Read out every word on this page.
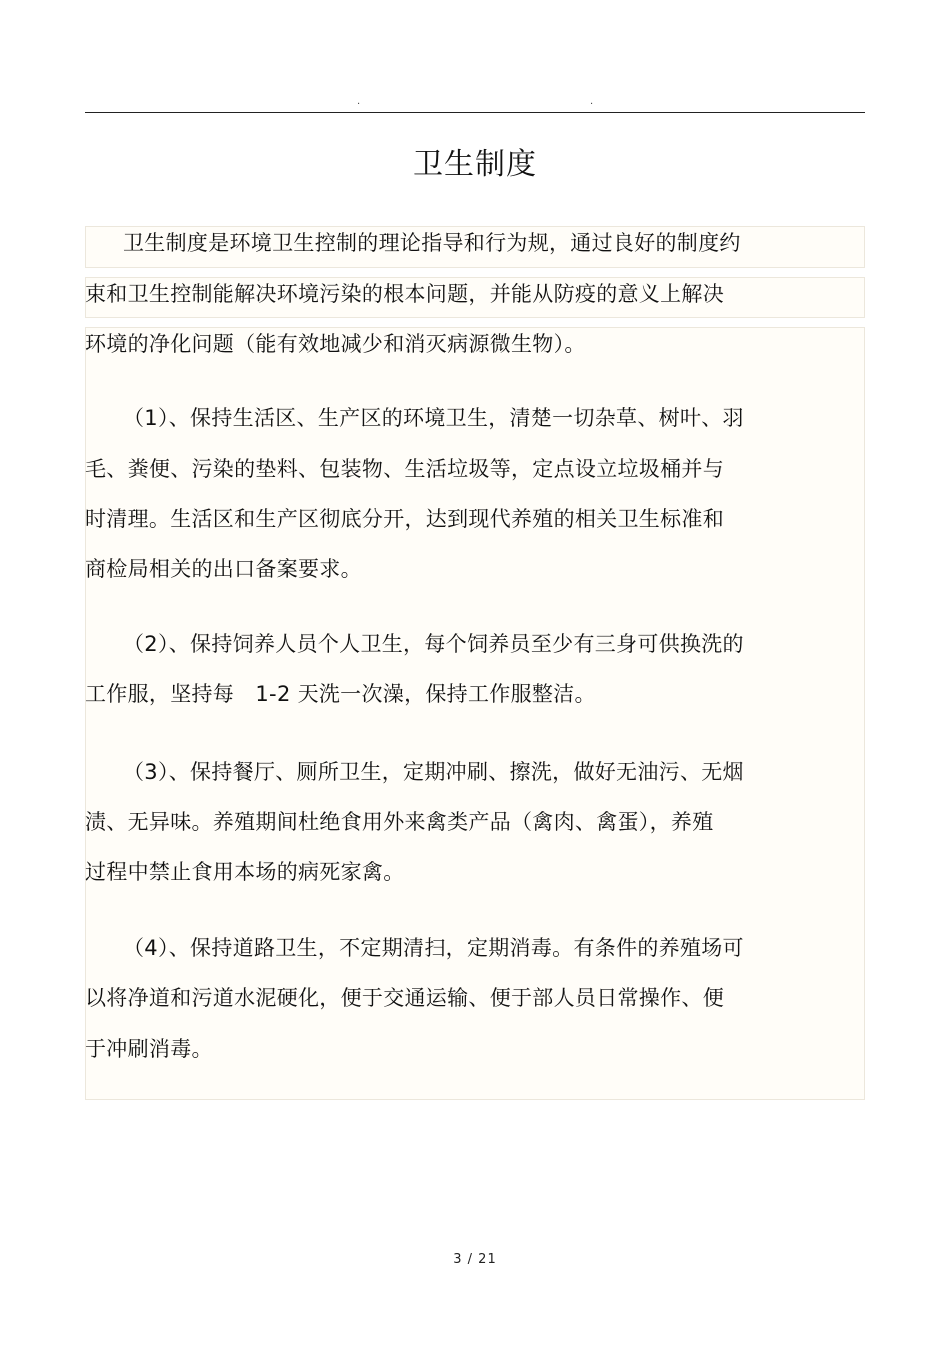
.	.
卫生制度
卫生制度是环境卫生控制的理论指导和行为规，通过良好的制度约
束和卫生控制能解决环境污染的根本问题，并能从防疫的意义上解决
环境的净化问题（能有效地减少和消灭病源微生物）。
（1）、保持生活区、生产区的环境卫生，清楚一切杂草、树叶、羽
毛、粪便、污染的垫料、包装物、生活垃圾等，定点设立垃圾桶并与
时清理。生活区和生产区彻底分开，达到现代养殖的相关卫生标准和
商检局相关的出口备案要求。
（2）、保持饲养人员个人卫生，每个饲养员至少有三身可供换洗的
工作服，坚持每　1-2 天洗一次澡，保持工作服整洁。
（3）、保持餐厅、厕所卫生，定期冲刷、擦洗，做好无油污、无烟
渍、无异味。养殖期间杜绝食用外来禽类产品（禽肉、禽蛋），养殖
过程中禁止食用本场的病死家禽。
（4）、保持道路卫生，不定期清扫，定期消毒。有条件的养殖场可
以将净道和污道水泥硬化，便于交通运输、便于部人员日常操作、便
于冲刷消毒。
3 / 21
